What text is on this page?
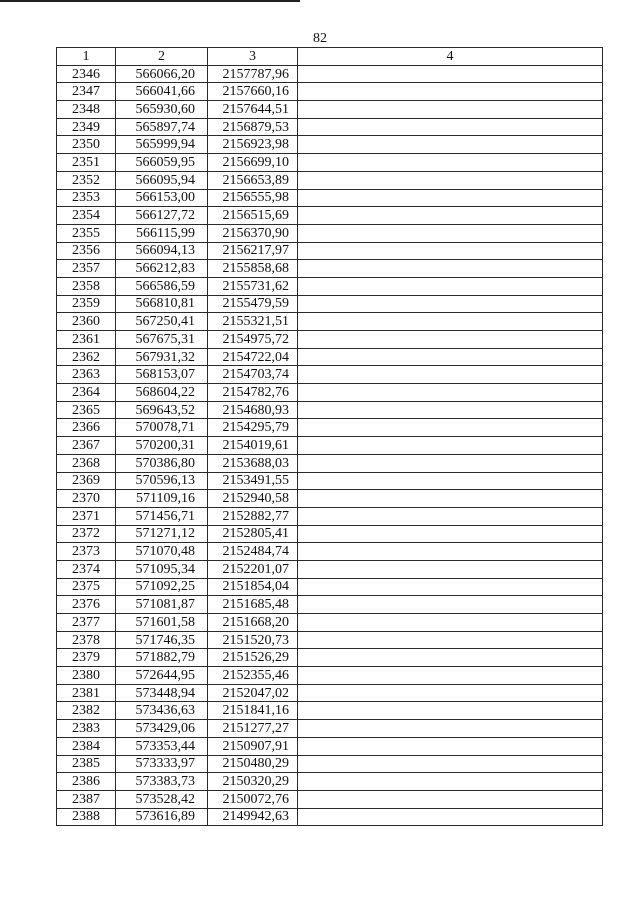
82
1	2	3	4
2346	566066,20	2157787,96	
2347	566041,66	2157660,16	
2348	565930,60	2157644,51	
2349	565897,74	2156879,53	
2350	565999,94	2156923,98	
2351	566059,95	2156699,10	
2352	566095,94	2156653,89	
2353	566153,00	2156555,98	
2354	566127,72	2156515,69	
2355	566115,99	2156370,90	
2356	566094,13	2156217,97	
2357	566212,83	2155858,68	
2358	566586,59	2155731,62	
2359	566810,81	2155479,59	
2360	567250,41	2155321,51	
2361	567675,31	2154975,72	
2362	567931,32	2154722,04	
2363	568153,07	2154703,74	
2364	568604,22	2154782,76	
2365	569643,52	2154680,93	
2366	570078,71	2154295,79	
2367	570200,31	2154019,61	
2368	570386,80	2153688,03	
2369	570596,13	2153491,55	
2370	571109,16	2152940,58	
2371	571456,71	2152882,77	
2372	571271,12	2152805,41	
2373	571070,48	2152484,74	
2374	571095,34	2152201,07	
2375	571092,25	2151854,04	
2376	571081,87	2151685,48	
2377	571601,58	2151668,20	
2378	571746,35	2151520,73	
2379	571882,79	2151526,29	
2380	572644,95	2152355,46	
2381	573448,94	2152047,02	
2382	573436,63	2151841,16	
2383	573429,06	2151277,27	
2384	573353,44	2150907,91	
2385	573333,97	2150480,29	
2386	573383,73	2150320,29	
2387	573528,42	2150072,76	
2388	573616,89	2149942,63	
